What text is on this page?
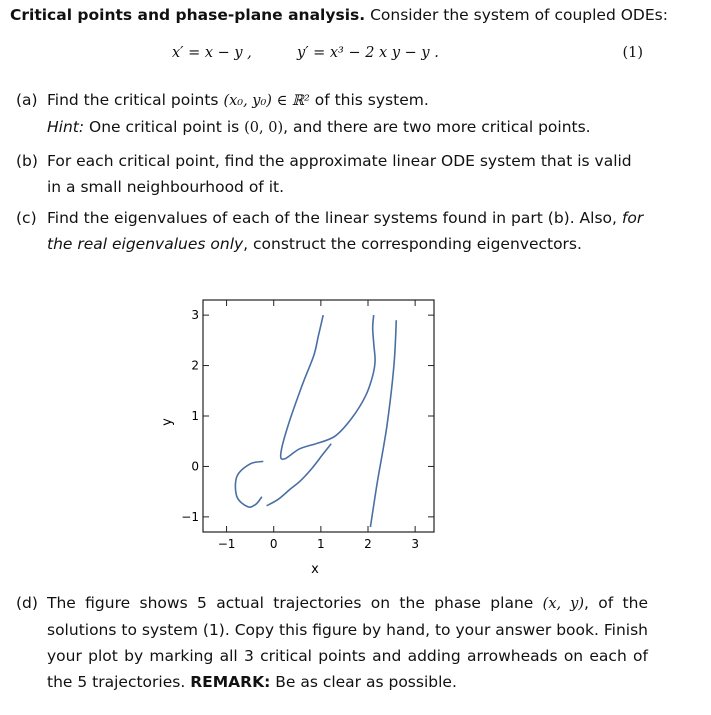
Critical points and phase-plane analysis. Consider the system of coupled ODEs:
x′ = x − y ,	y′ = x³ − 2 x y − y .	(1)
(a) Find the critical points (x₀, y₀) ∈ ℝ² of this system.
Hint: One critical point is (0, 0), and there are two more critical points.
(b) For each critical point, find the approximate linear ODE system that is valid in a small neighbourhood of it.
(c) Find the eigenvalues of each of the linear systems found in part (b). Also, for the real eigenvalues only, construct the corresponding eigenvectors.
−1	0	1	2	3
−1
0
1
2
3
x
y
(d) The figure shows 5 actual trajectories on the phase plane (x, y), of the solutions to system (1). Copy this figure by hand, to your answer book. Finish your plot by marking all 3 critical points and adding arrowheads on each of the 5 trajectories. REMARK: Be as clear as possible.
